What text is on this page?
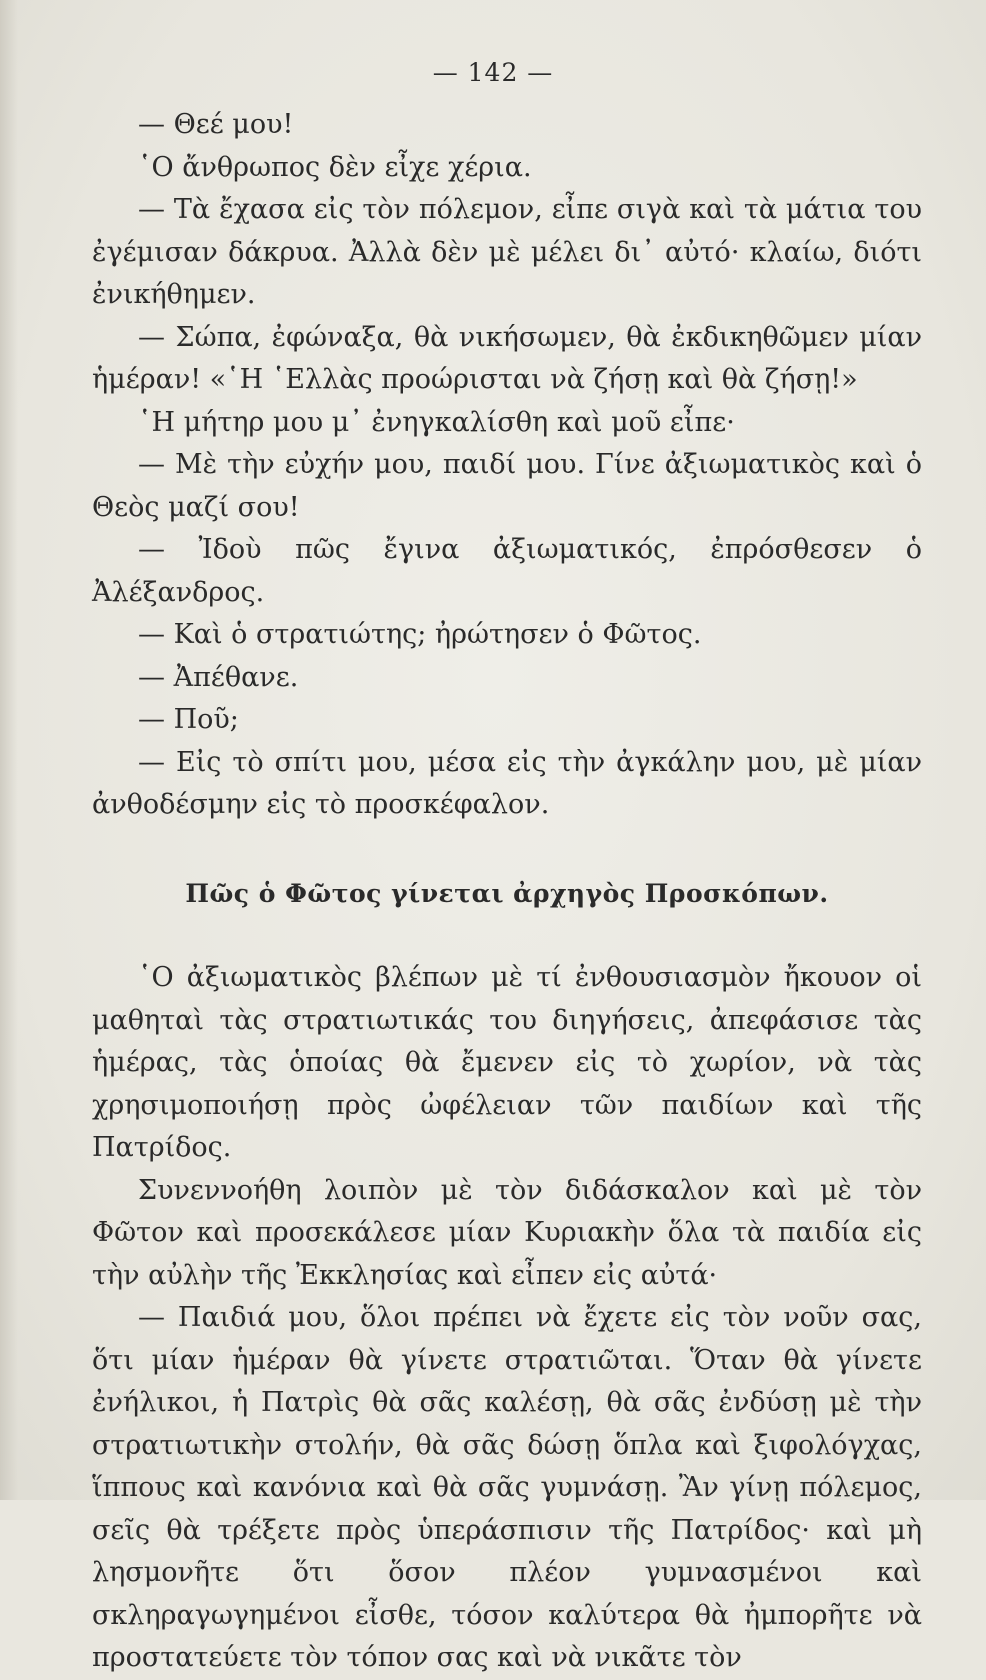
— 142 —

— Θεέ μου!

῾Ο ἄνθρωπος δὲν εἶχε χέρια.

— Τὰ ἔχασα εἰς τὸν πόλεμον, εἶπε σιγὰ καὶ τὰ μάτια του ἐγέμισαν δάκρυα. Ἀλλὰ δὲν μὲ μέλει δι᾽ αὐτό· κλαίω, διότι ἐνικήθημεν.

— Σώπα, ἐφώναξα, θὰ νικήσωμεν, θὰ ἐκδικηθῶμεν μίαν ἡμέραν! «῾Η ῾Ελλὰς προώρισται νὰ ζήσῃ καὶ θὰ ζήσῃ!»

῾Η μήτηρ μου μ᾽ ἐνηγκαλίσθη καὶ μοῦ εἶπε·

— Μὲ τὴν εὐχήν μου, παιδί μου. Γίνε ἀξιωματικὸς καὶ ὁ Θεὸς μαζί σου!

— Ἰδοὺ πῶς ἔγινα ἀξιωματικός, ἐπρόσθεσεν ὁ Ἀλέξανδρος.

— Καὶ ὁ στρατιώτης; ἠρώτησεν ὁ Φῶτος.

— Ἀπέθανε.

— Ποῦ;

— Εἰς τὸ σπίτι μου, μέσα εἰς τὴν ἀγκάλην μου, μὲ μίαν ἀνθοδέσμην εἰς τὸ προσκέφαλον.

Πῶς ὁ Φῶτος γίνεται ἀρχηγὸς Προσκόπων.

῾Ο ἀξιωματικὸς βλέπων μὲ τί ἐνθουσιασμὸν ἤκουον οἱ μαθηταὶ τὰς στρατιωτικάς του διηγήσεις, ἀπεφάσισε τὰς ἡμέρας, τὰς ὁποίας θὰ ἔμενεν εἰς τὸ χωρίον, νὰ τὰς χρησιμοποιήσῃ πρὸς ὠφέλειαν τῶν παιδίων καὶ τῆς Πατρίδος.

Συνεννοήθη λοιπὸν μὲ τὸν διδάσκαλον καὶ μὲ τὸν Φῶτον καὶ προσεκάλεσε μίαν Κυριακὴν ὅλα τὰ παιδία εἰς τὴν αὐλὴν τῆς Ἐκκλησίας καὶ εἶπεν εἰς αὐτά·

— Παιδιά μου, ὅλοι πρέπει νὰ ἔχετε εἰς τὸν νοῦν σας, ὅτι μίαν ἡμέραν θὰ γίνετε στρατιῶται. Ὅταν θὰ γίνετε ἐνήλικοι, ἡ Πατρὶς θὰ σᾶς καλέσῃ, θὰ σᾶς ἐνδύσῃ μὲ τὴν στρατιωτικὴν στολήν, θὰ σᾶς δώσῃ ὅπλα καὶ ξιφολόγχας, ἵππους καὶ κανόνια καὶ θὰ σᾶς γυμνάσῃ. Ἂν γίνῃ πόλεμος, σεῖς θὰ τρέξετε πρὸς ὑπεράσπισιν τῆς Πατρίδος· καὶ μὴ λησμονῆτε ὅτι ὅσον πλέον γυμνασμένοι καὶ σκληραγωγημένοι εἶσθε, τόσον καλύτερα θὰ ἠμπορῆτε νὰ προστατεύετε τὸν τόπον σας καὶ νὰ νικᾶτε τὸν
